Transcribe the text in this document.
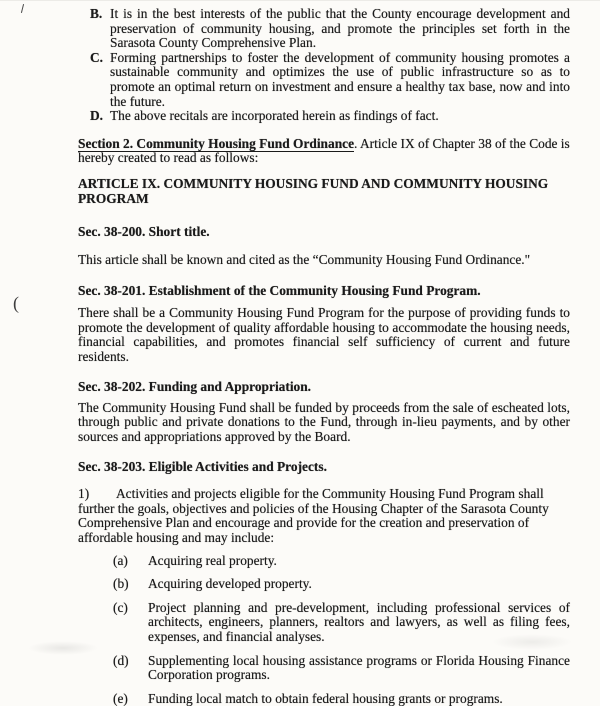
B. It is in the best interests of the public that the County encourage development and preservation of community housing, and promote the principles set forth in the Sarasota County Comprehensive Plan.

C. Forming partnerships to foster the development of community housing promotes a sustainable community and optimizes the use of public infrastructure so as to promote an optimal return on investment and ensure a healthy tax base, now and into the future.

D. The above recitals are incorporated herein as findings of fact.

Section 2. Community Housing Fund Ordinance. Article IX of Chapter 38 of the Code is hereby created to read as follows:

ARTICLE IX. COMMUNITY HOUSING FUND AND COMMUNITY HOUSING PROGRAM

Sec. 38-200. Short title.

This article shall be known and cited as the “Community Housing Fund Ordinance."

Sec. 38-201. Establishment of the Community Housing Fund Program.

There shall be a Community Housing Fund Program for the purpose of providing funds to promote the development of quality affordable housing to accommodate the housing needs, financial capabilities, and promotes financial self sufficiency of current and future residents.

Sec. 38-202. Funding and Appropriation.

The Community Housing Fund shall be funded by proceeds from the sale of escheated lots, through public and private donations to the Fund, through in-lieu payments, and by other sources and appropriations approved by the Board.

Sec. 38-203. Eligible Activities and Projects.

1) Activities and projects eligible for the Community Housing Fund Program shall further the goals, objectives and policies of the Housing Chapter of the Sarasota County Comprehensive Plan and encourage and provide for the creation and preservation of affordable housing and may include:

(a)	Acquiring real property.

(b)	Acquiring developed property.

(c)	Project planning and pre-development, including professional services of architects, engineers, planners, realtors and lawyers, as well as filing fees, expenses, and financial analyses.

(d)	Supplementing local housing assistance programs or Florida Housing Finance Corporation programs.

(e)	Funding local match to obtain federal housing grants or programs.

(
